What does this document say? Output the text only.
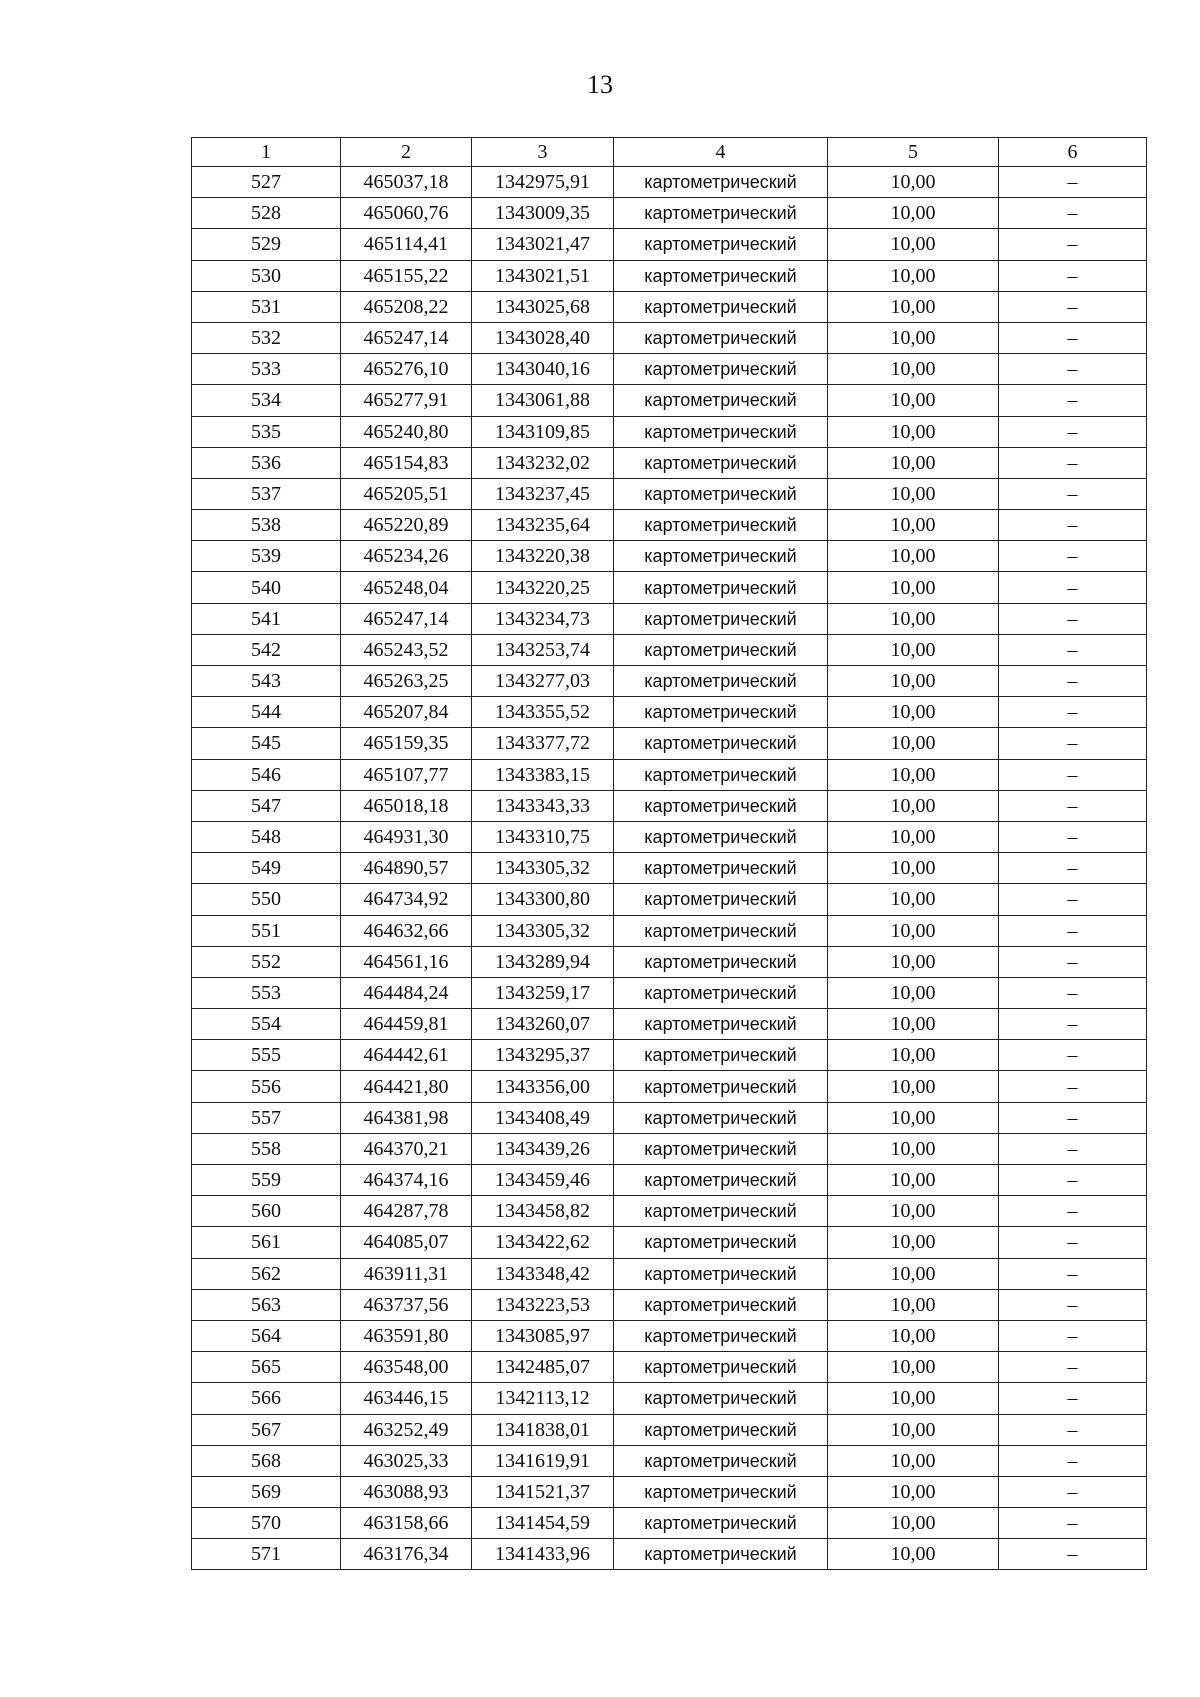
13
1	2	3	4	5	6
527	465037,18	1342975,91	картометрический	10,00	–
528	465060,76	1343009,35	картометрический	10,00	–
529	465114,41	1343021,47	картометрический	10,00	–
530	465155,22	1343021,51	картометрический	10,00	–
531	465208,22	1343025,68	картометрический	10,00	–
532	465247,14	1343028,40	картометрический	10,00	–
533	465276,10	1343040,16	картометрический	10,00	–
534	465277,91	1343061,88	картометрический	10,00	–
535	465240,80	1343109,85	картометрический	10,00	–
536	465154,83	1343232,02	картометрический	10,00	–
537	465205,51	1343237,45	картометрический	10,00	–
538	465220,89	1343235,64	картометрический	10,00	–
539	465234,26	1343220,38	картометрический	10,00	–
540	465248,04	1343220,25	картометрический	10,00	–
541	465247,14	1343234,73	картометрический	10,00	–
542	465243,52	1343253,74	картометрический	10,00	–
543	465263,25	1343277,03	картометрический	10,00	–
544	465207,84	1343355,52	картометрический	10,00	–
545	465159,35	1343377,72	картометрический	10,00	–
546	465107,77	1343383,15	картометрический	10,00	–
547	465018,18	1343343,33	картометрический	10,00	–
548	464931,30	1343310,75	картометрический	10,00	–
549	464890,57	1343305,32	картометрический	10,00	–
550	464734,92	1343300,80	картометрический	10,00	–
551	464632,66	1343305,32	картометрический	10,00	–
552	464561,16	1343289,94	картометрический	10,00	–
553	464484,24	1343259,17	картометрический	10,00	–
554	464459,81	1343260,07	картометрический	10,00	–
555	464442,61	1343295,37	картометрический	10,00	–
556	464421,80	1343356,00	картометрический	10,00	–
557	464381,98	1343408,49	картометрический	10,00	–
558	464370,21	1343439,26	картометрический	10,00	–
559	464374,16	1343459,46	картометрический	10,00	–
560	464287,78	1343458,82	картометрический	10,00	–
561	464085,07	1343422,62	картометрический	10,00	–
562	463911,31	1343348,42	картометрический	10,00	–
563	463737,56	1343223,53	картометрический	10,00	–
564	463591,80	1343085,97	картометрический	10,00	–
565	463548,00	1342485,07	картометрический	10,00	–
566	463446,15	1342113,12	картометрический	10,00	–
567	463252,49	1341838,01	картометрический	10,00	–
568	463025,33	1341619,91	картометрический	10,00	–
569	463088,93	1341521,37	картометрический	10,00	–
570	463158,66	1341454,59	картометрический	10,00	–
571	463176,34	1341433,96	картометрический	10,00	–
